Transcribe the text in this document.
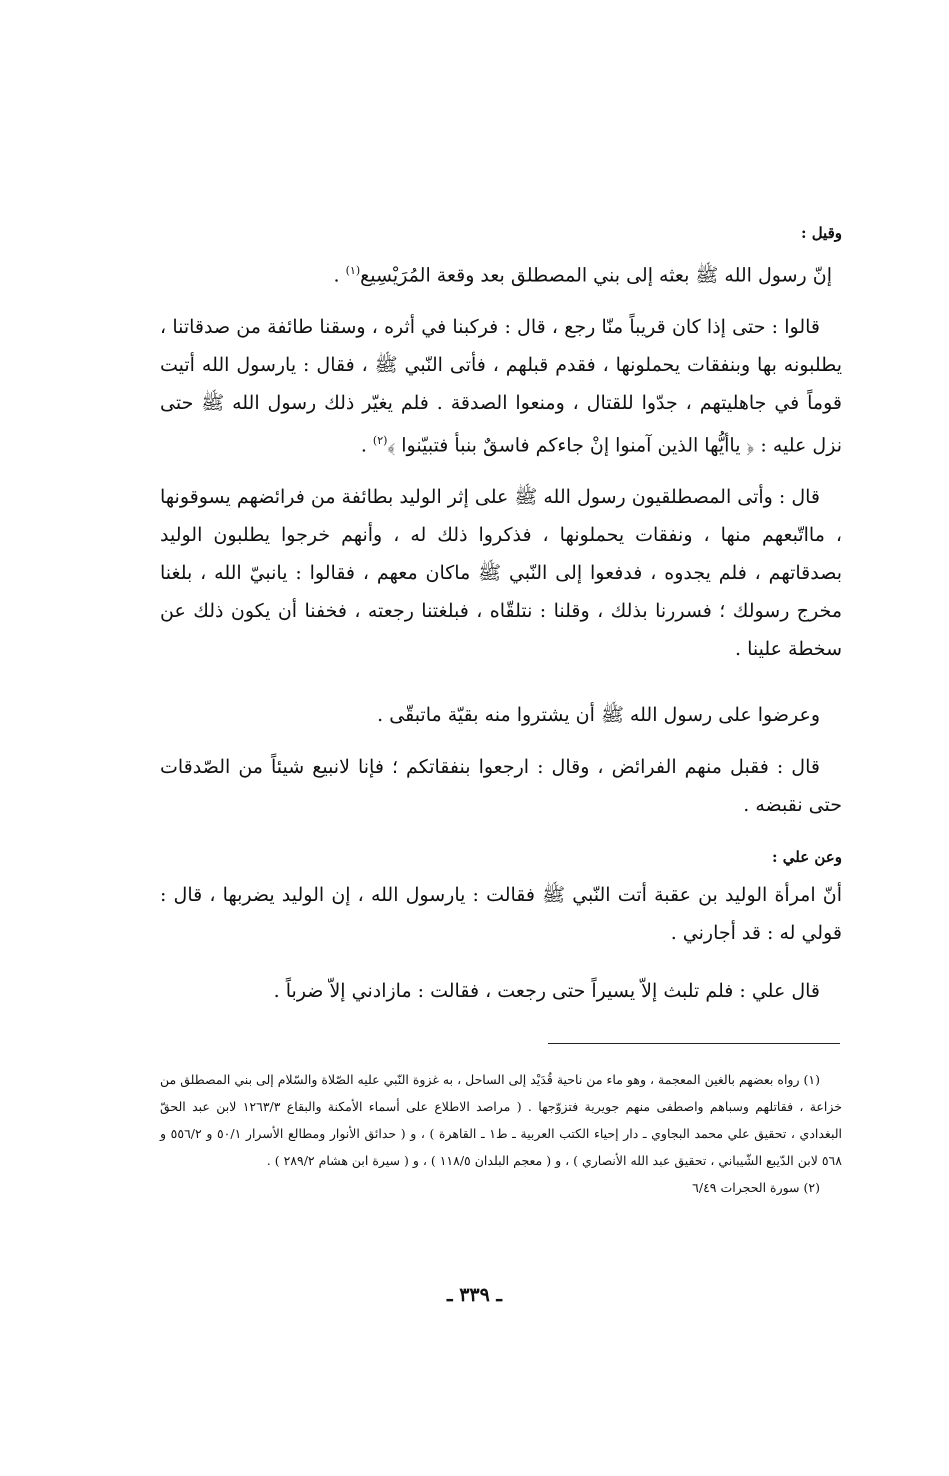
وقيل :

إنّ رسول الله ﷺ بعثه إلى بني المصطلق بعد وقعة المُرَيْسِيع$^{(١)}$ .

قالوا : حتى إذا كان قريباً منّا رجع ، قال : فركبنا في أثره ، وسقنا طائفة من صدقاتنا ، يطلبونه بها وبنفقات يحملونها ، فقدم قبلهم ، فأتى النّبي ﷺ ، فقال : يارسول الله أتيت قوماً في جاهليتهم ، جدّوا للقتال ، ومنعوا الصدقة . فلم يغيّر ذلك رسول الله ﷺ حتى نزل عليه : ﴿ ياأيُّها الذين آمنوا إنْ جاءكم فاسقٌ بنبأ فتبيّنوا ﴾$^{(٢)}$ .

قال : وأتى المصطلقيون رسول الله ﷺ على إثر الوليد بطائفة من فرائضهم يسوقونها ، مااتّبعهم منها ، ونفقات يحملونها ، فذكروا ذلك له ، وأنهم خرجوا يطلبون الوليد بصدقاتهم ، فلم يجدوه ، فدفعوا إلى النّبي ﷺ ماكان معهم ، فقالوا : يانبيّ الله ، بلغنا مخرج رسولك ؛ فسررنا بذلك ، وقلنا : نتلقّاه ، فبلغتنا رجعته ، فخفنا أن يكون ذلك عن سخطة علينا .

وعرضوا على رسول الله ﷺ أن يشتروا منه بقيّة ماتبقّى .

قال : فقبل منهم الفرائض ، وقال : ارجعوا بنفقاتكم ؛ فإنا لانبيع شيئاً من الصّدقات حتى نقبضه .

وعن علي :

أنّ امرأة الوليد بن عقبة أتت النّبي ﷺ فقالت : يارسول الله ، إن الوليد يضربها ، قال : قولي له : قد أجارني .

قال علي : فلم تلبث إلاّ يسيراً حتى رجعت ، فقالت : مازادني إلاّ ضرباً .

(١) رواه بعضهم بالغين المعجمة ، وهو ماء من ناحية قُدَيْد إلى الساحل ، به غزوة النّبي عليه الصّلاة والسّلام إلى بني المصطلق من خزاعة ، فقاتلهم وسباهم واصطفى منهم جويرية فتزوّجها . ( مراصد الاطلاع على أسماء الأمكنة والبقاع ١٢٦٣/٣ لابن عبد الحقّ البغدادي ، تحقيق علي محمد البجاوي ـ دار إحياء الكتب العربية ـ ط١ ـ القاهرة ) ، و ( حدائق الأنوار ومطالع الأسرار ٥٠/١ و ٥٥٦/٢ و ٥٦٨ لابن الدّيبع الشّيباني ، تحقيق عبد الله الأنصاري ) ، و ( معجم البلدان ١١٨/٥ ) ، و ( سيرة ابن هشام ٢٨٩/٢ ) .

(٢) سورة الحجرات ٦/٤٩

ـ ٣٣٩ ـ
